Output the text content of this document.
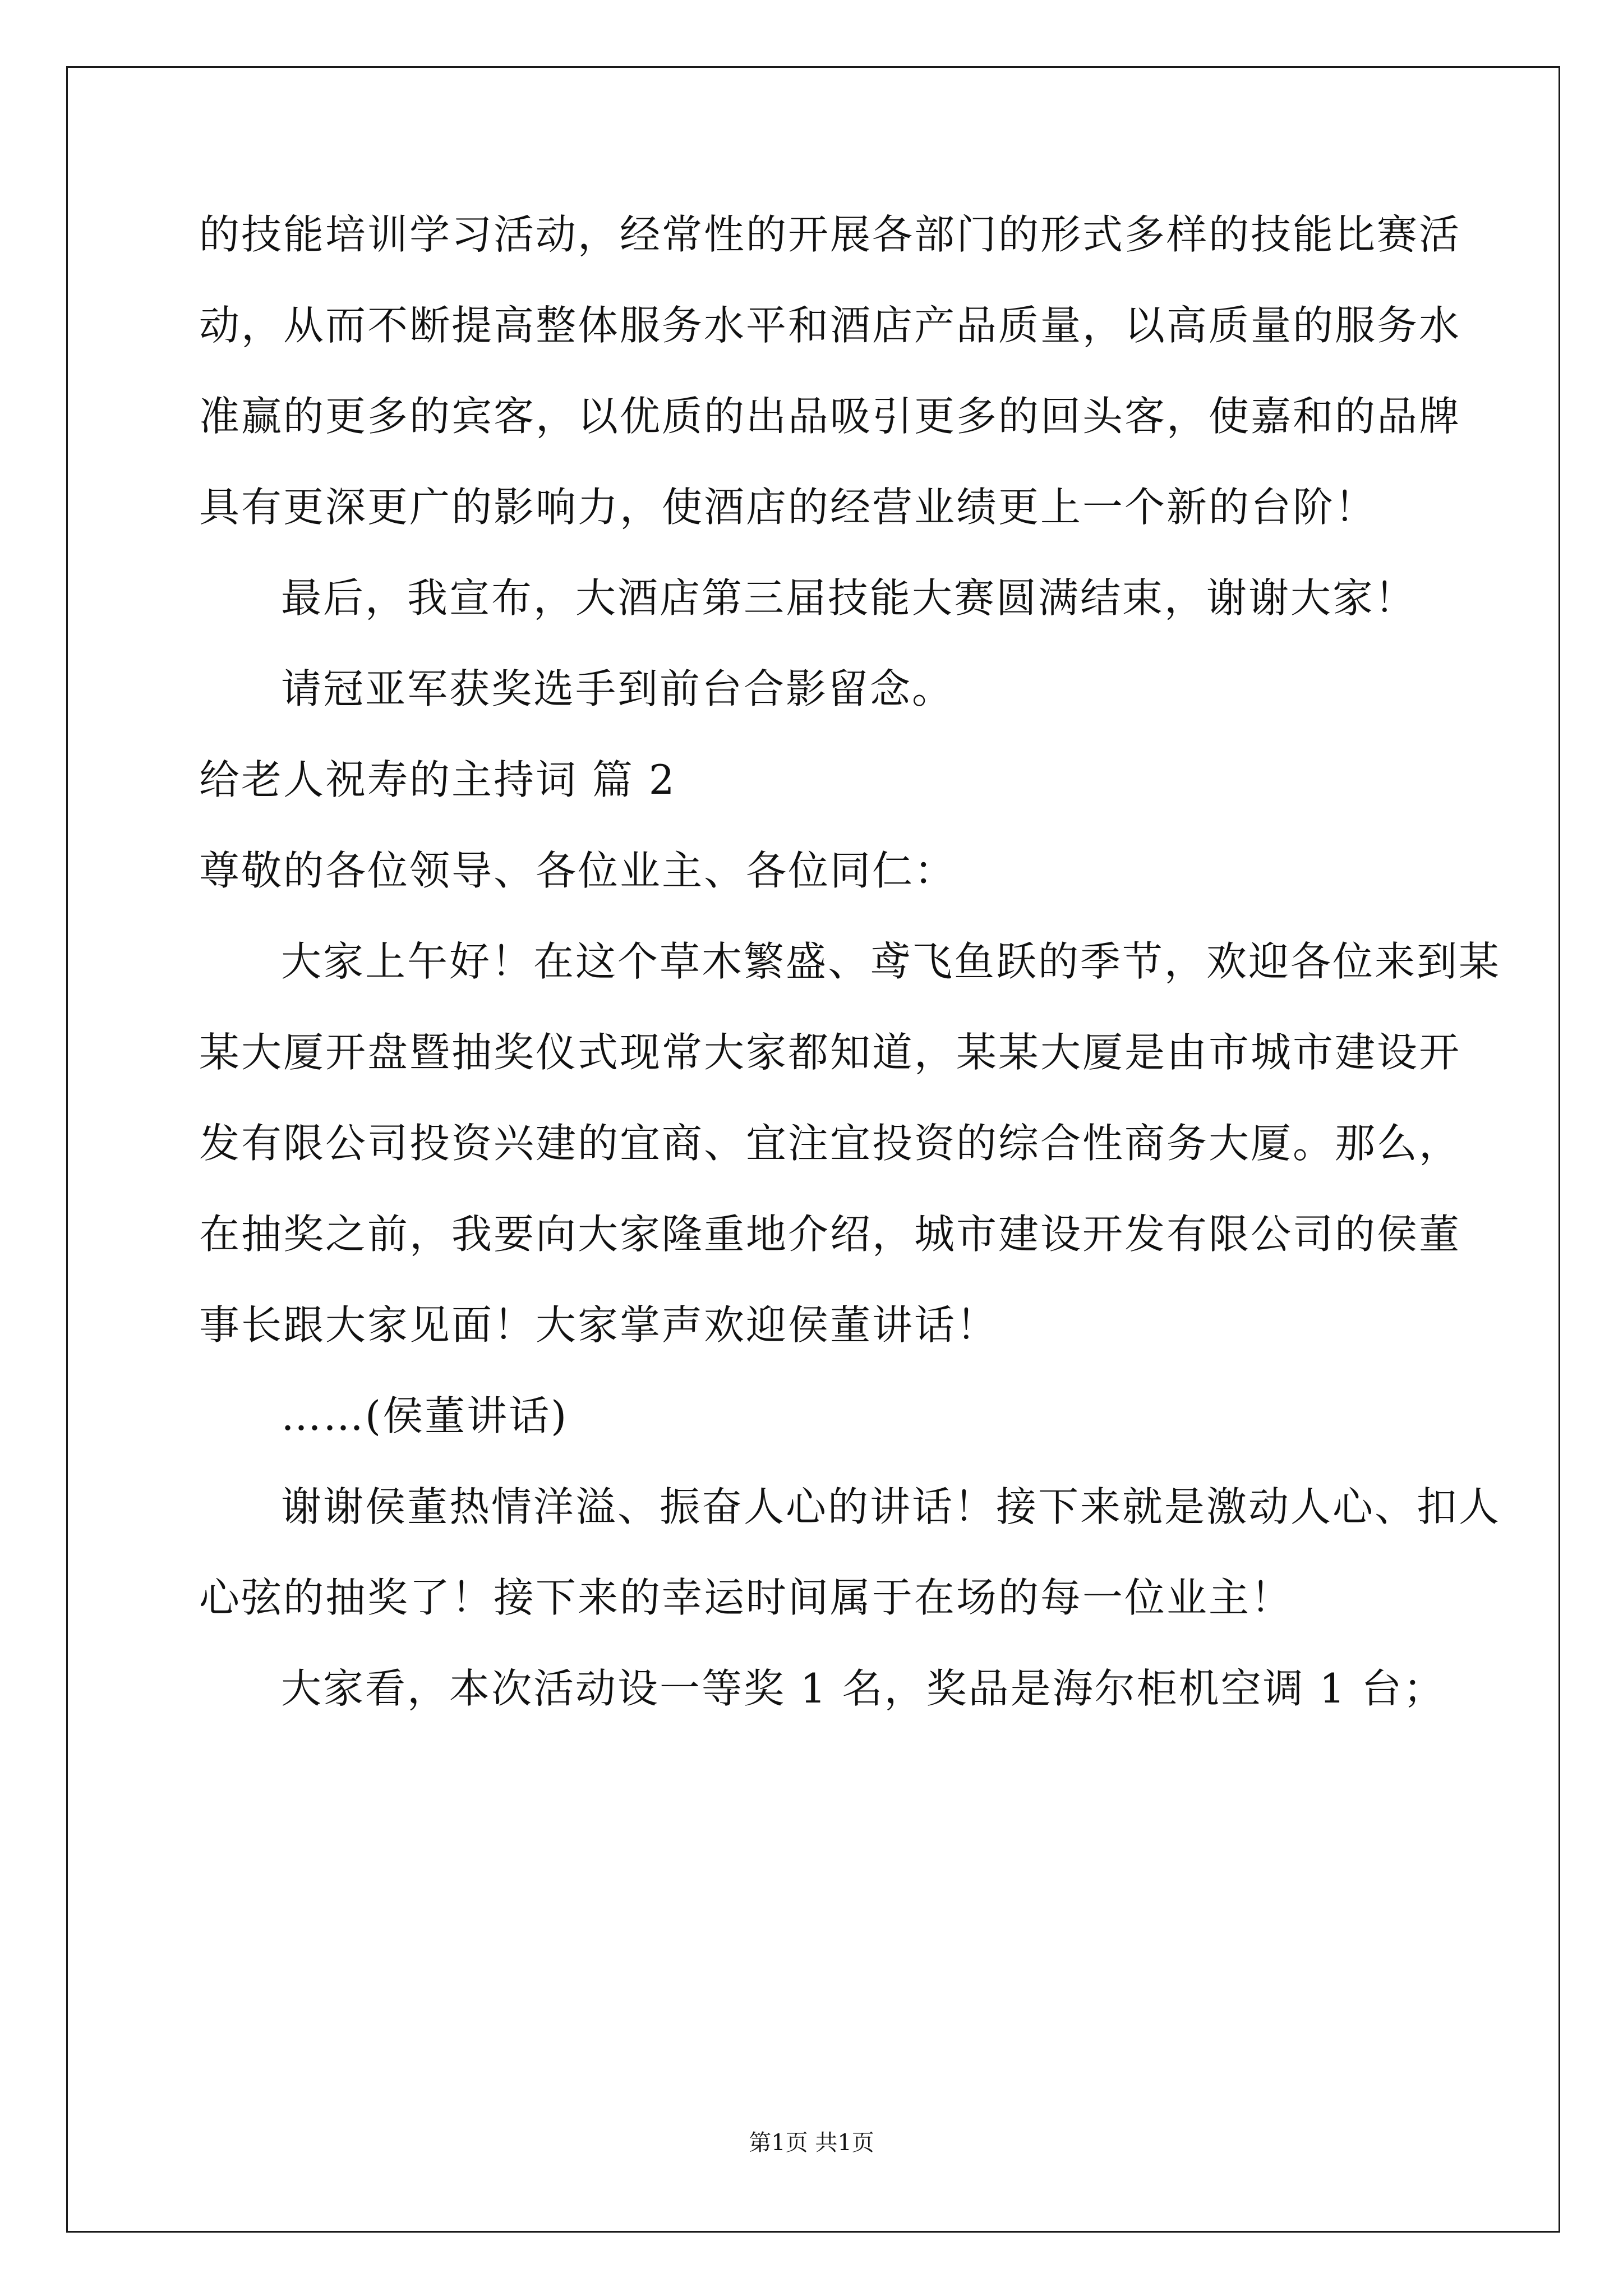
的技能培训学习活动，经常性的开展各部门的形式多样的技能比赛活
动，从而不断提高整体服务水平和酒店产品质量，以高质量的服务水
准赢的更多的宾客，以优质的出品吸引更多的回头客，使嘉和的品牌
具有更深更广的影响力，使酒店的经营业绩更上一个新的台阶！
最后，我宣布，大酒店第三届技能大赛圆满结束，谢谢大家！
请冠亚军获奖选手到前台合影留念。
给老人祝寿的主持词 篇 2
尊敬的各位领导、各位业主、各位同仁：
大家上午好！在这个草木繁盛、鸢飞鱼跃的季节，欢迎各位来到某
某大厦开盘暨抽奖仪式现常大家都知道，某某大厦是由市城市建设开
发有限公司投资兴建的宜商、宜注宜投资的综合性商务大厦。那么，
在抽奖之前，我要向大家隆重地介绍，城市建设开发有限公司的侯董
事长跟大家见面！大家掌声欢迎侯董讲话！
……(侯董讲话)
谢谢侯董热情洋溢、振奋人心的讲话！接下来就是激动人心、扣人
心弦的抽奖了！接下来的幸运时间属于在场的每一位业主！
大家看，本次活动设一等奖 1 名，奖品是海尔柜机空调 1 台；
第1页 共1页
